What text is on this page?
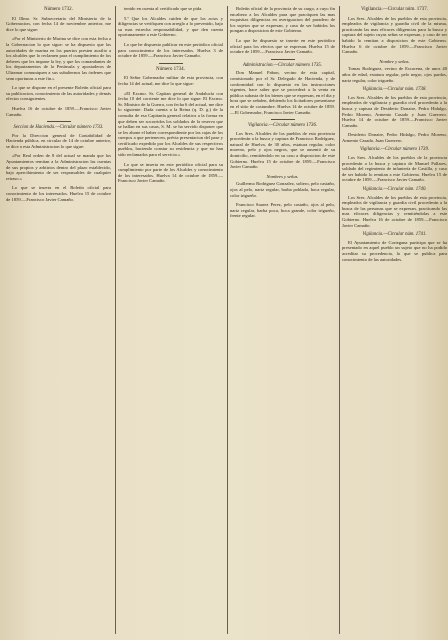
Número 1732.

El Illmo. Sr. Subsecretario del Ministerio de la Gobernacion, con fecha 14 de noviembre anterior, me dice lo que sigue:

«Por el Ministerio de Marina se dice con esta fecha a la Gobernacion lo que sigue: se ha dispuesto que las autoridades de marina en los puertos presten auxilio a los alcaldes que lo reclamen para el cumplimiento de los deberes que les impone la ley, y que los comandantes de los departamentos de la Península y apostaderos de Ultramar comuniquen a sus subalternos las órdenes que sean oportunas a este fin.»

Lo que se dispone en el presente Boletín oficial para su publicacion, conocimiento de las autoridades y demás efectos consiguientes.

Huelva 16 de octubre de 1859.—Francisco Javier Camaño.

Seccion de Hacienda.—Circular número 1733.

Por la Direccion general de Contabilidad de Hacienda pública, en circular de 14 de octubre anterior, se dice a esta Administracion lo que sigue:

«Por Real orden de 8 del actual se manda que los Ayuntamientos remitan a la Administracion las cuentas de sus propios y arbitrios dentro del plazo establecido, bajo apercibimiento de ser responsables de cualquier retraso.»

Lo que se inserta en el Boletín oficial para conocimiento de los interesados. Huelva 15 de octubre de 1859.—Francisco Javier Camaño.

tenido en cuenta al certificado que se pida.

5.º Que los Alcaldes cuiden de que los actos y diligencias se verifiquen con arreglo a lo prevenido, bajo su mas estrecha responsabilidad, y que den cuenta oportunamente a este Gobierno.

Lo que he dispuesto publicar en este periódico oficial para conocimiento de los interesados. Huelva 3 de octubre de 1859.—Francisco Javier Camaño.

Número 1734.

El Señor Gobernador militar de esta provincia, con fecha 14 del actual, me dice lo que sigue:

«El Excmo. Sr. Capitan general de Andalucía con fecha 10 del corriente me dice lo que sigue: El Excmo. Sr. Ministro de la Guerra, con fecha 6 del actual, me dice lo siguiente: Dada cuenta a la Reina (q. D. g.) de la consulta de esa Capitanía general relativa a la forma en que deben ser socorridos los soldados de la reserva que se hallan en sus casas, S. M. se ha servido disponer que se les abone el haber correspondiente por las cajas de los cuerpos a que pertenecen, prévia presentacion del pase y certificado expedido por los Alcaldes de sus respectivos pueblos, haciendo constar su residencia y que no han sido reclamados para el servicio.»

Lo que se inserta en este periódico oficial para su cumplimiento por parte de los Alcaldes y conocimiento de los interesados. Huelva 14 de octubre de 1859.—Francisco Javier Camaño.

Boletín oficial de la provincia de su cargo, a cuyo fin encabezo a los Alcaldes para que practiquen las mas exquisitas diligencias en averiguacion del paradero de los sujetos que se expresan, y caso de ser habidos los pongan a disposicion de este Gobierno.

Lo que he dispuesto se inserte en este periódico oficial para los efectos que se expresan. Huelva 15 de octubre de 1859.—Francisco Javier Camaño.

Administracion.—Circular número 1735.

Don Manuel Pabon, vecino de esta capital, comisionado por el Sr. Delegado de Hacienda, y de conformidad con lo dispuesto en las instrucciones vigentes, hace saber que se procederá a la venta en pública subasta de los bienes que se expresan, en el dia y hora que se señalen, debiendo los licitadores presentarse en el sitio de costumbre. Huelva 14 de octubre de 1859.—El Gobernador, Francisco Javier Camaño.

Vigilancia.—Circular número 1736.

Los Sres. Alcaldes de los pueblos de esta provincia procederán a la busca y captura de Francisco Rodríguez, natural de Huelva, de 30 años, estatura regular, color moreno, pelo y ojos negros, que se ausentó de su domicilio, remitiéndolo en su caso a disposicion de este Gobierno. Huelva 15 de octubre de 1859.—Francisco Javier Camaño.

Nombres y señas.

Guillermo Rodriguez Gonzalez, soltero, pelo castaño, ojos al pelo, nariz regular, barba poblada, boca regular, color trigueño.

Francisco Suarez Perez, pelo castaño, ojos al pelo, nariz regular, barba poca, boca grande, color trigueño, frente regular.

Vigilancia.—Circular núm. 1737.

Los Sres. Alcaldes de los pueblos de esta provincia, empleados de vigilancia y guardia civil de la misma, practicarán las mas eficaces diligencias para la busca y captura del sujeto cuyas señas se expresan, y caso de ser habido lo remitan a disposicion de este Gobierno. Huelva 6 de octubre de 1859.—Francisco Javier Camaño.

Nombre y señas.

Tomas Rodriguez, vecino de Escacena, de unos 40 años de edad, estatura regular, pelo negro, ojos pardos, nariz regular, color trigueño.

Vigilancia.—Circular núm. 1738.

Los Sres. Alcaldes de los pueblos de esta provincia, empleados de vigilancia y guardia civil procederán a la busca y captura de Desiderio Donaire, Pedro Hidalgo, Pedro Moreno, Armenio Casado y Juan Guerrero. Huelva 14 de octubre de 1859.—Francisco Javier Camaño.

Desiderio Donaire, Pedro Hidalgo, Pedro Moreno, Armenio Casado, Juan Guerrero.

Vigilancia.—Circular número 1739.

Los Sres. Alcaldes de los pueblos de la provincia procederán a la busca y captura de Manuel Pallares, soldado del regimiento de infantería de Castilla, y caso de ser habido lo remitan a este Gobierno. Huelva 15 de octubre de 1859.—Francisco Javier Camaño.

Vigilancia.—Circular núm. 1740.

Los Sres. Alcaldes de los pueblos de esta provincia, empleados de vigilancia y guardia civil procederán a la busca de las personas que se expresan, practicando las mas eficaces diligencias y remitiéndolas a este Gobierno. Huelva 16 de octubre de 1859.—Francisco Javier Camaño.

Vigilancia.—Circular núm. 1741.

El Ayuntamiento de Cortegana participa que se ha presentado en aquel pueblo un sujeto que no ha podido acreditar su procedencia, lo que se publica para conocimiento de las autoridades.
